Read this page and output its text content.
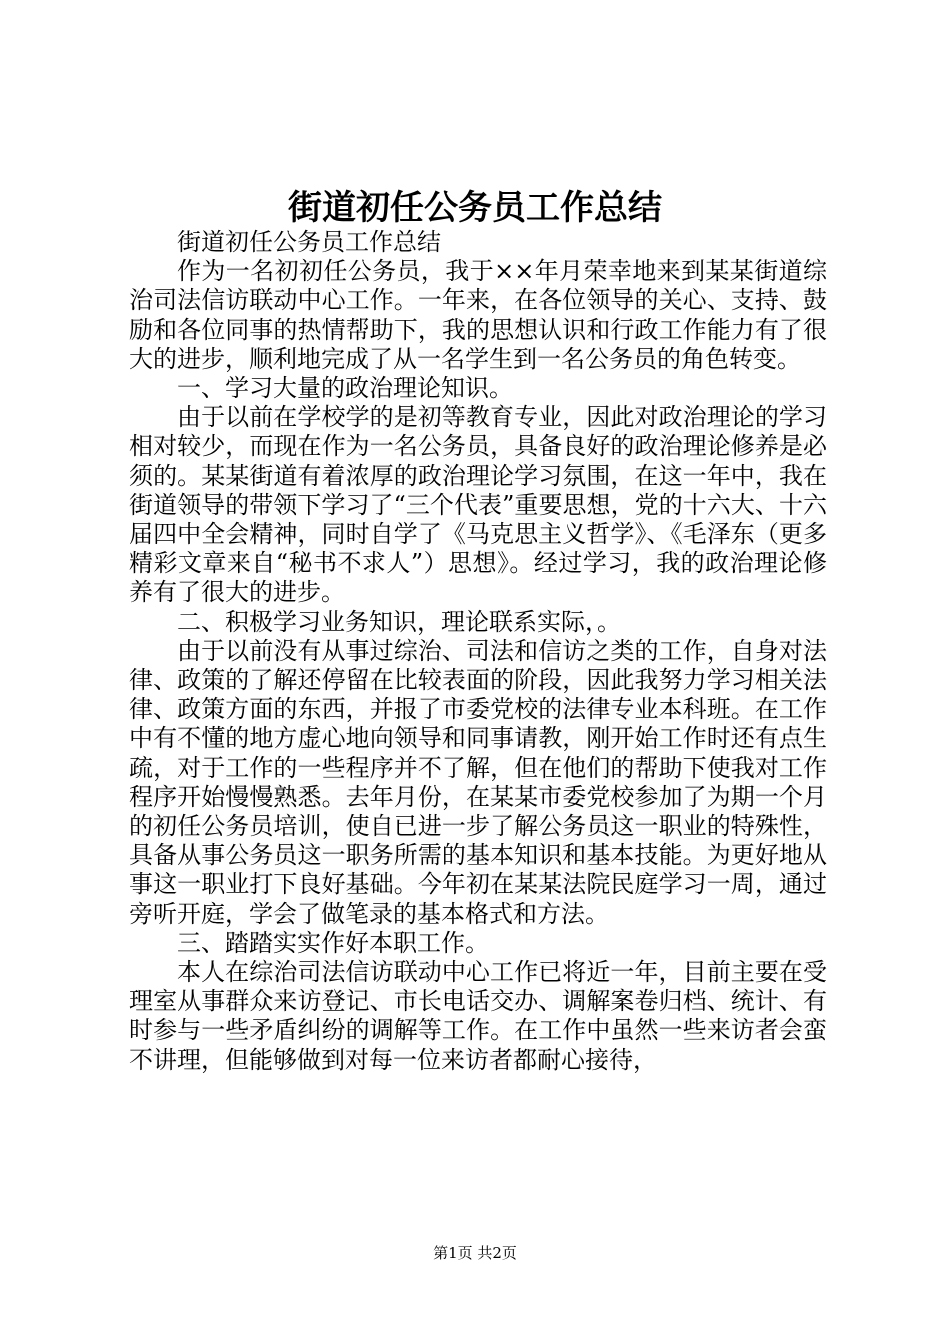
街道初任公务员工作总结

街道初任公务员工作总结

作为一名初初任公务员，我于××年月荣幸地来到某某街道综治司法信访联动中心工作。一年来，在各位领导的关心、支持、鼓励和各位同事的热情帮助下，我的思想认识和行政工作能力有了很大的进步，顺利地完成了从一名学生到一名公务员的角色转变。

一、学习大量的政治理论知识。

由于以前在学校学的是初等教育专业，因此对政治理论的学习相对较少，而现在作为一名公务员，具备良好的政治理论修养是必须的。某某街道有着浓厚的政治理论学习氛围，在这一年中，我在街道领导的带领下学习了“三个代表”重要思想，党的十六大、十六届四中全会精神，同时自学了《马克思主义哲学》、《毛泽东（更多精彩文章来自“秘书不求人”）思想》。经过学习，我的政治理论修养有了很大的进步。

二、积极学习业务知识，理论联系实际，。

由于以前没有从事过综治、司法和信访之类的工作，自身对法律、政策的了解还停留在比较表面的阶段，因此我努力学习相关法律、政策方面的东西，并报了市委党校的法律专业本科班。在工作中有不懂的地方虚心地向领导和同事请教，刚开始工作时还有点生疏，对于工作的一些程序并不了解，但在他们的帮助下使我对工作程序开始慢慢熟悉。去年月份，在某某市委党校参加了为期一个月的初任公务员培训，使自已进一步了解公务员这一职业的特殊性，具备从事公务员这一职务所需的基本知识和基本技能。为更好地从事这一职业打下良好基础。今年初在某某法院民庭学习一周，通过旁听开庭，学会了做笔录的基本格式和方法。

三、踏踏实实作好本职工作。

本人在综治司法信访联动中心工作已将近一年，目前主要在受理室从事群众来访登记、市长电话交办、调解案卷归档、统计、有时参与一些矛盾纠纷的调解等工作。在工作中虽然一些来访者会蛮不讲理，但能够做到对每一位来访者都耐心接待，

第1页 共2页
